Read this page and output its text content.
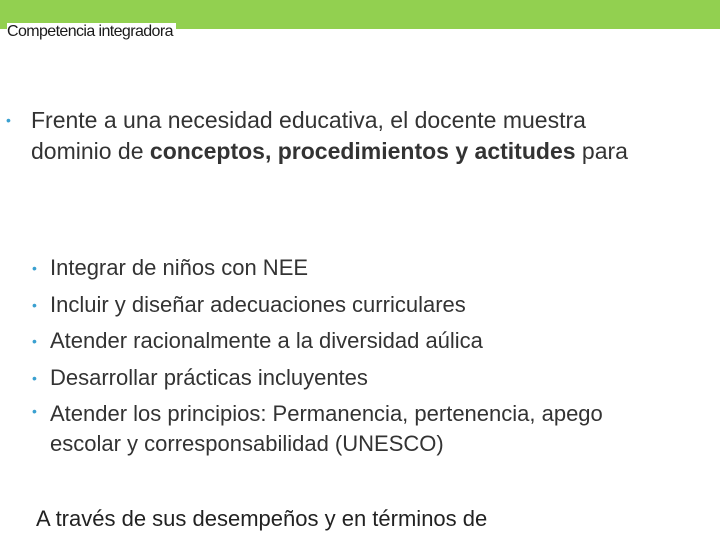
Competencia integradora
• Frente a una necesidad educativa, el docente muestra dominio de conceptos, procedimientos y actitudes para
• Integrar de niños con NEE
• Incluir y diseñar adecuaciones curriculares
• Atender racionalmente a la diversidad aúlica
• Desarrollar prácticas incluyentes
• Atender los principios: Permanencia, pertenencia, apego escolar y corresponsabilidad (UNESCO)
A través de sus desempeños y en términos de
